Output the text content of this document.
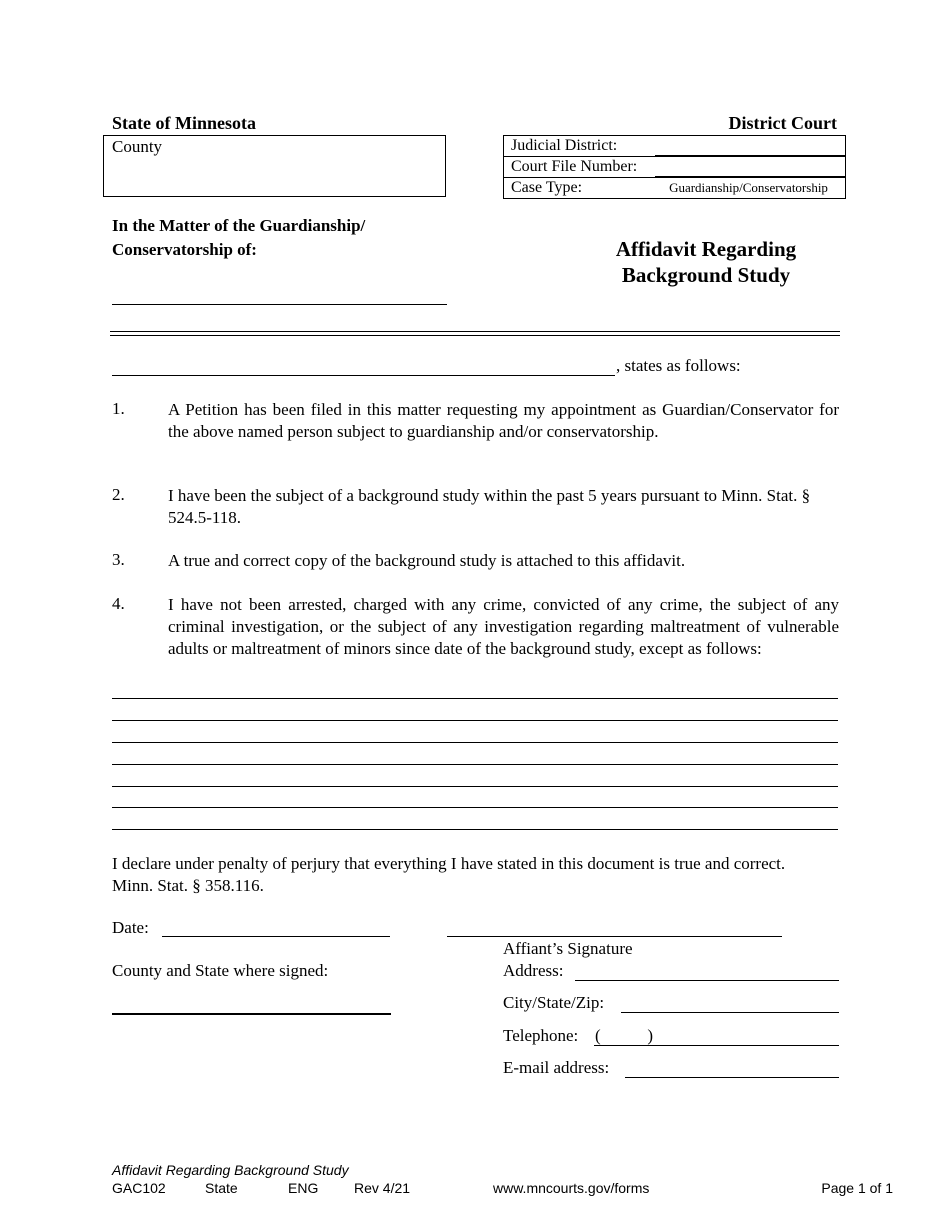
State of Minnesota	District Court
County	Judicial District:	

Court File Number:	

Case Type:	Guardianship/Conservatorship
In the Matter of the Guardianship/
Conservatorship of:	Affidavit Regarding
Background Study
, states as follows:
1.	A Petition has been filed in this matter requesting my appointment as Guardian/Conservator for the above named person subject to guardianship and/or conservatorship.
2.	I have been the subject of a background study within the past 5 years pursuant to Minn. Stat. § 524.5-118.
3.	A true and correct copy of the background study is attached to this affidavit.
4.	I have not been arrested, charged with any crime, convicted of any crime, the subject of any criminal investigation, or the subject of any investigation regarding maltreatment of vulnerable adults or maltreatment of minors since date of the background study, except as follows:
I declare under penalty of perjury that everything I have stated in this document is true and correct. Minn. Stat. § 358.116.
Date:
Affiant’s Signature
County and State where signed:	Address:
City/State/Zip:
Telephone: (           )
E-mail address:
Affidavit Regarding Background Study
GAC102	State	ENG	Rev 4/21	www.mncourts.gov/forms	Page 1 of 1
